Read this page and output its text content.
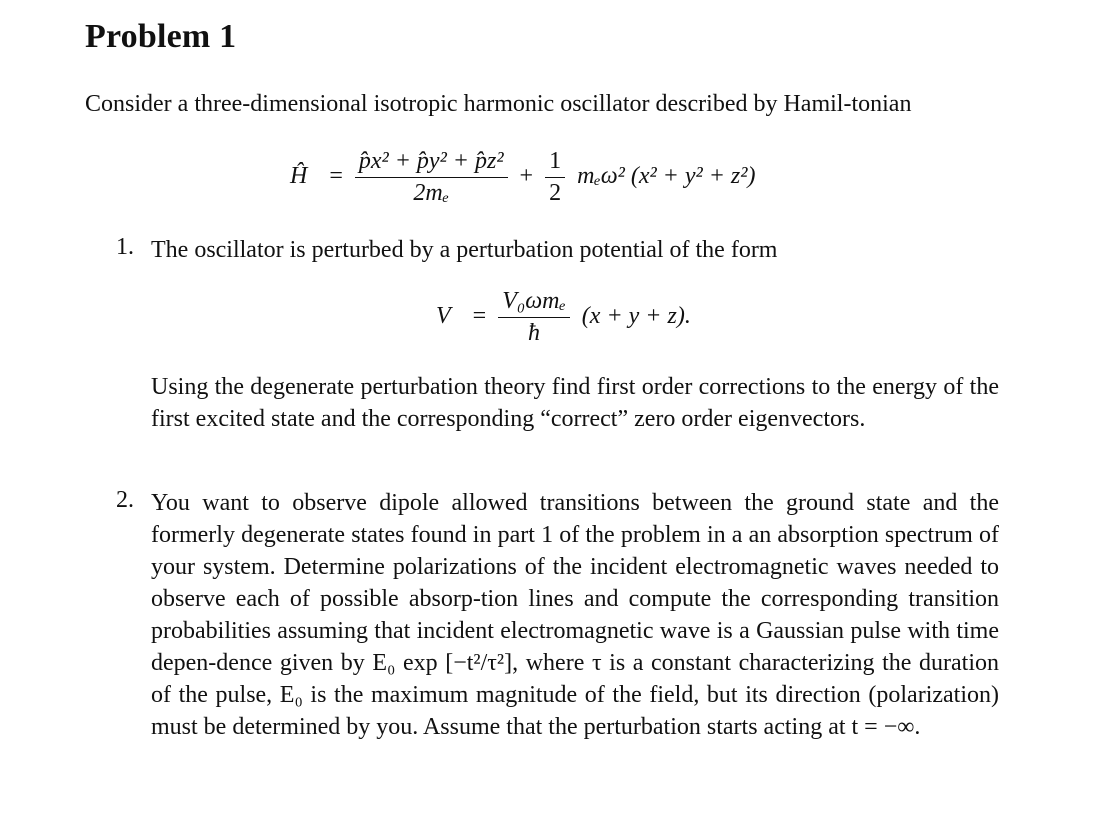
Problem 1
Consider a three-dimensional isotropic harmonic oscillator described by Hamil-tonian
Ĥ = $\frac{\text{p̂x² + p̂y² + p̂z²}}{\text{2mₑ}} + \frac{1}{2} m_e\omega^2$ (x² + y² + z²)
1. The oscillator is perturbed by a perturbation potential of the form
$V = \frac{\text{V₀ωmₑ}}{ħ} (x + y + z)$.
Using the degenerate perturbation theory find first order corrections to the energy of the first excited state and the corresponding “correct” zero order eigenvectors.
2. You want to observe dipole allowed transitions between the ground state and the formerly degenerate states found in part 1 of the problem in a an absorption spectrum of your system. Determine polarizations of the incident electromagnetic waves needed to observe each of possible absorp-tion lines and compute the corresponding transition probabilities assuming that incident electromagnetic wave is a Gaussian pulse with time depen-dence given by E₀ exp [−t²/τ²], where τ is a constant characterizing the duration of the pulse, E₀ is the maximum magnitude of the field, but its direction (polarization) must be determined by you. Assume that the perturbation starts acting at t = −∞.
